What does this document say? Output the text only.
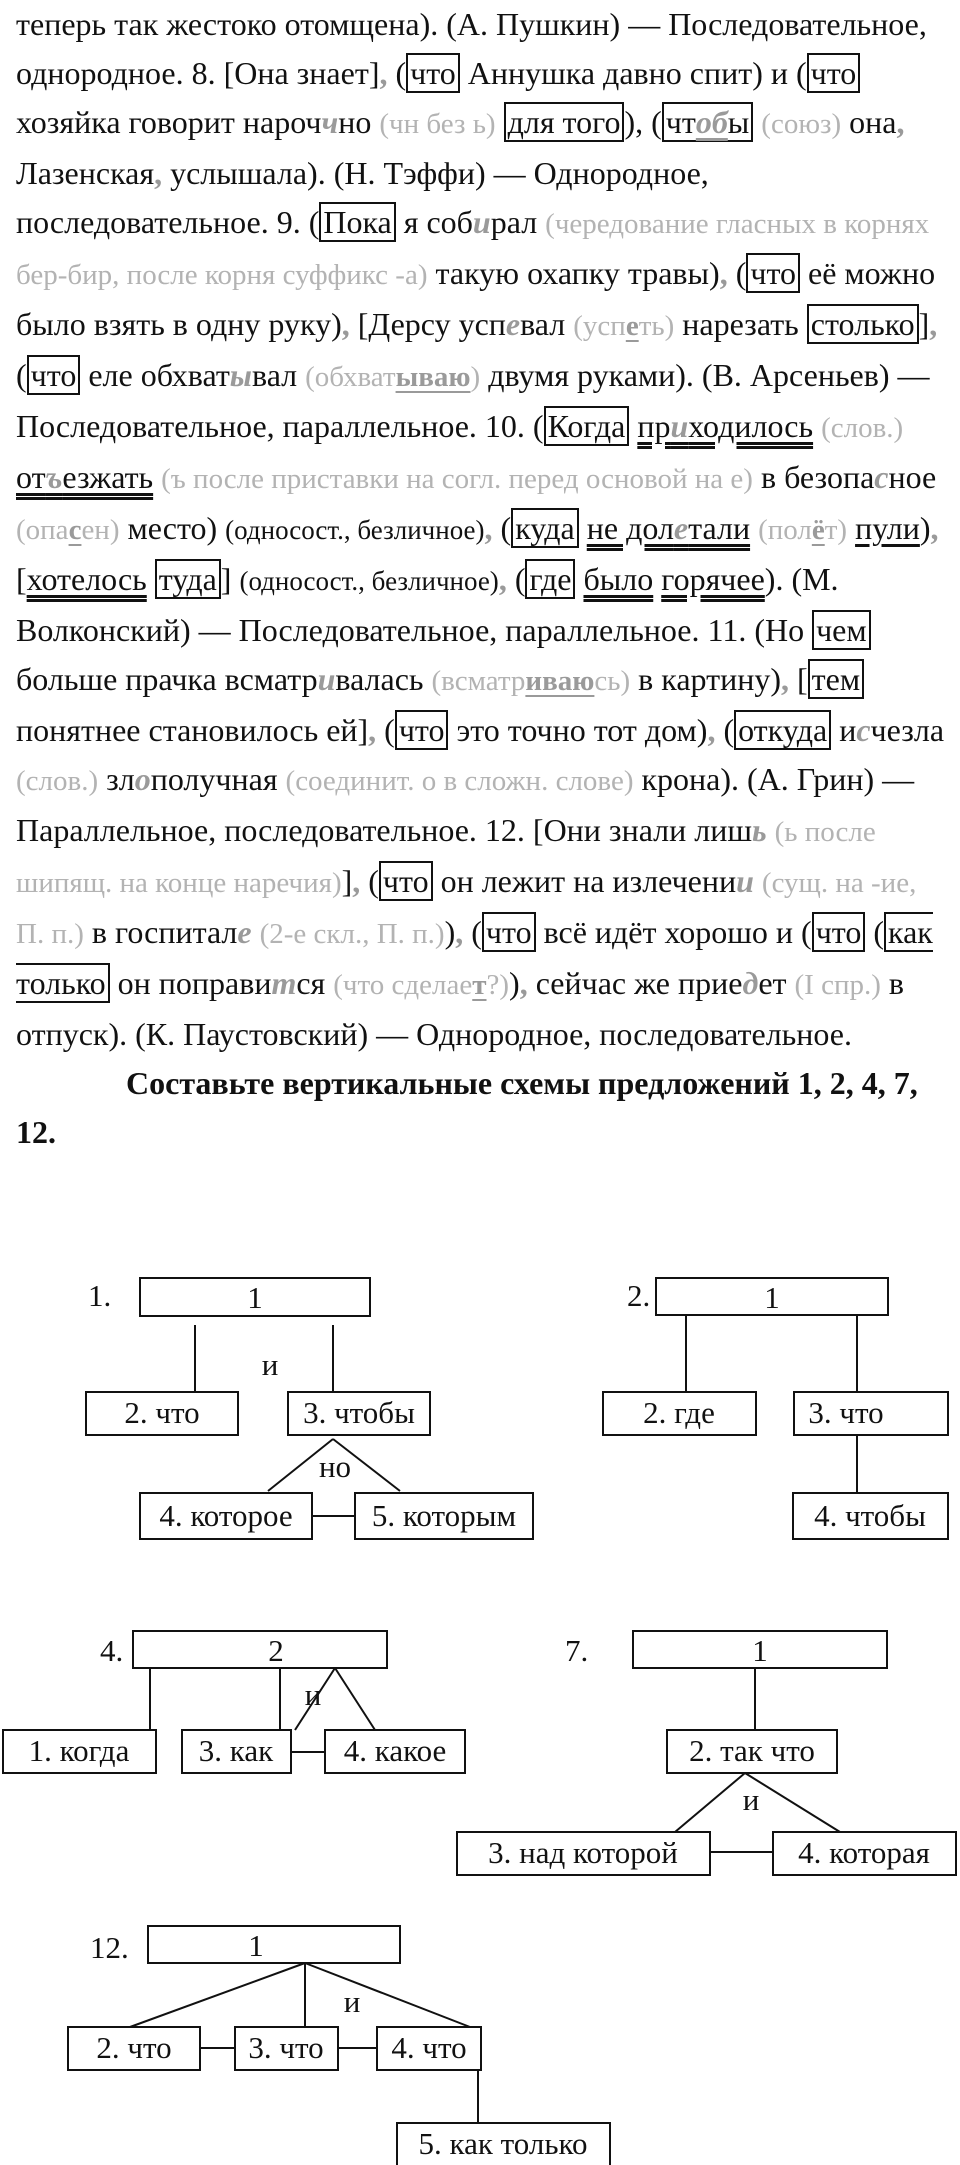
теперь так жестоко отомщена). (А. Пушкин) — Последовательное, однородное. 8. [Она знает], ( что Аннушка давно спит) и ( что хозяйка говорит нароччно (чн без ь) для того ), ( чтобы (союз) она, Лазенская, услышала). (Н. Тэффи) — Однородное, последовательное. 9. ( Пока я собирал (чередование гласных в корнях бер-бир, после корня суффикс -а) такую охапку травы), ( что её можно было взять в одну руку), [Дерсу успевал (успеть) нарезать столько ], ( что еле обхватывал (обхватываю) двумя руками). (В. Арсеньев) — Последовательное, параллельное. 10. ( Когда приходилось (слов.) отъезжать (ъ после приставки на согл. перед основой на е) в безопасное (опасен) место) (односост., безличное), ( куда не долетали (полёт) пули), [хотелось туда ] (односост., безличное), ( где было горячее). (М. Волконский) — Последовательное, параллельное. 11. (Но чем больше прачка всматривалась (всматриваюсь) в картину), [ тем понятнее становилось ей], ( что это точно тот дом), ( откуда исчезла (слов.) злополучная (соединит. о в сложн. слове) крона). (А. Грин) — Параллельное, последовательное. 12. [Они знали лишь (ь после шипящ. на конце наречия)], ( что он лежит на излечении (сущ. на -ие, П. п.) в госпитале (2-е скл., П. п.)), ( что всё идёт хорошо и ( что ( как только он поправится (что сделает?)), сейчас же приедет (I спр.) в отпуск). (К. Паустовский) — Однородное, последовательное.

Составьте вертикальные схемы предложений 1, 2, 4, 7, 12.

1.	1
и
2. что	3. чтобы
но
4. которое	5. которым
2.	1
2. где	3. что
4. чтобы
4.	2
и
1. когда 3. как 4. какое
7.	1
2. так что
и
3. над которой	4. которая
12.	1
и
2. что 3. что 4. что
5. как только
